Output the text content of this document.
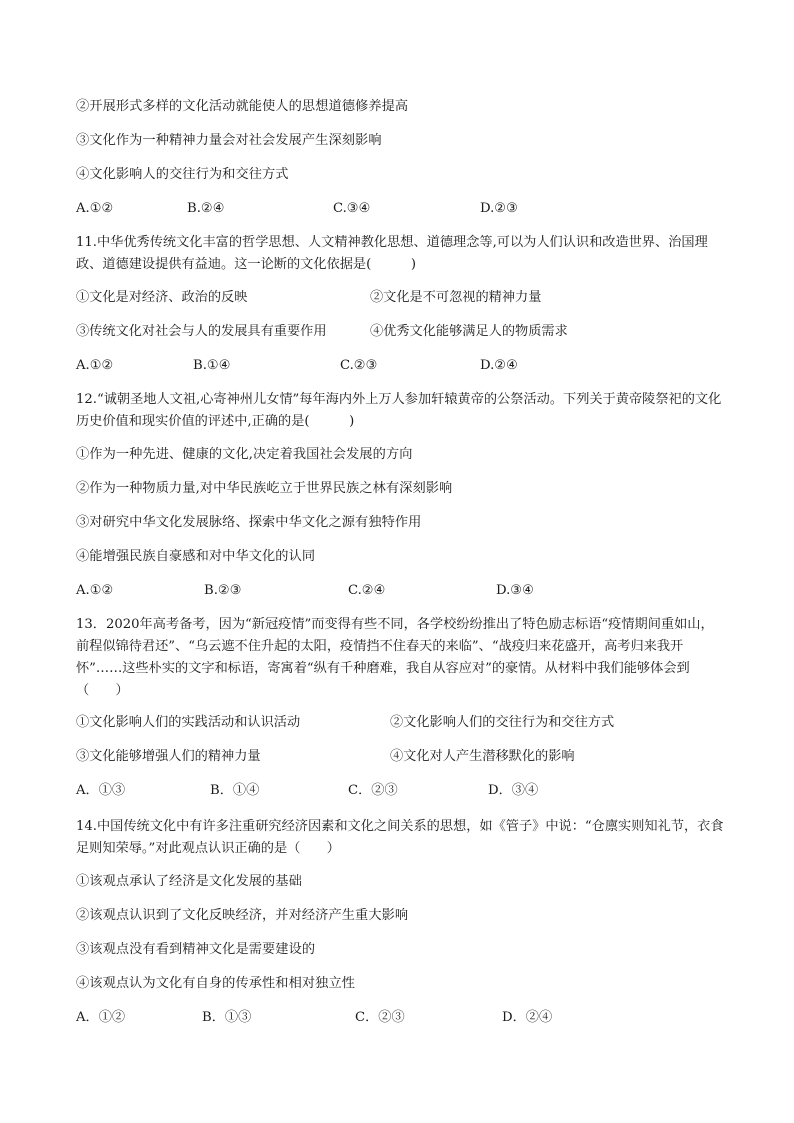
②开展形式多样的文化活动就能使人的思想道德修养提高
③文化作为一种精神力量会对社会发展产生深刻影响
④文化影响人的交往行为和交往方式
A.①②	B.②④	C.③④	D.②③
11.中华优秀传统文化丰富的哲学思想、人文精神教化思想、道德理念等,可以为人们认识和改造世界、治国理政、道德建设提供有益迪。这一论断的文化依据是(　　　)
①文化是对经济、政治的反映	②文化是不可忽视的精神力量
③传统文化对社会与人的发展具有重要作用	④优秀文化能够满足人的物质需求
A.①②	B.①④	C.②③	D.②④
12.“诚朝圣地人文祖,心寄神州儿女情”每年海内外上万人参加轩辕黄帝的公祭活动。下列关于黄帝陵祭祀的文化历史价值和现实价值的评述中,正确的是(　　　)
①作为一种先进、健康的文化,决定着我国社会发展的方向
②作为一种物质力量,对中华民族屹立于世界民族之林有深刻影响
③对研究中华文化发展脉络、探索中华文化之源有独特作用
④能增强民族自豪感和对中华文化的认同
A.①②	B.②③	C.②④	D.③④
13．2020年高考备考，因为“新冠疫情”而变得有些不同，各学校纷纷推出了特色励志标语“疫情期间重如山，前程似锦待君还”、“乌云遮不住升起的太阳，疫情挡不住春天的来临”、“战疫归来花盛开，高考归来我开怀”……这些朴实的文字和标语，寄寓着“纵有千种磨难，我自从容应对”的豪情。从材料中我们能够体会到（　　）
①文化影响人们的实践活动和认识活动	②文化影响人们的交往行为和交往方式
③文化能够增强人们的精神力量	④文化对人产生潜移默化的影响
A．①③	B．①④	C．②③	D．③④
14.中国传统文化中有许多注重研究经济因素和文化之间关系的思想，如《管子》中说：“仓廪实则知礼节，衣食足则知荣辱。”对此观点认识正确的是（　　）
①该观点承认了经济是文化发展的基础
②该观点认识到了文化反映经济，并对经济产生重大影响
③该观点没有看到精神文化是需要建设的
④该观点认为文化有自身的传承性和相对独立性
A．①②	B．①③	C．②③	D．②④
